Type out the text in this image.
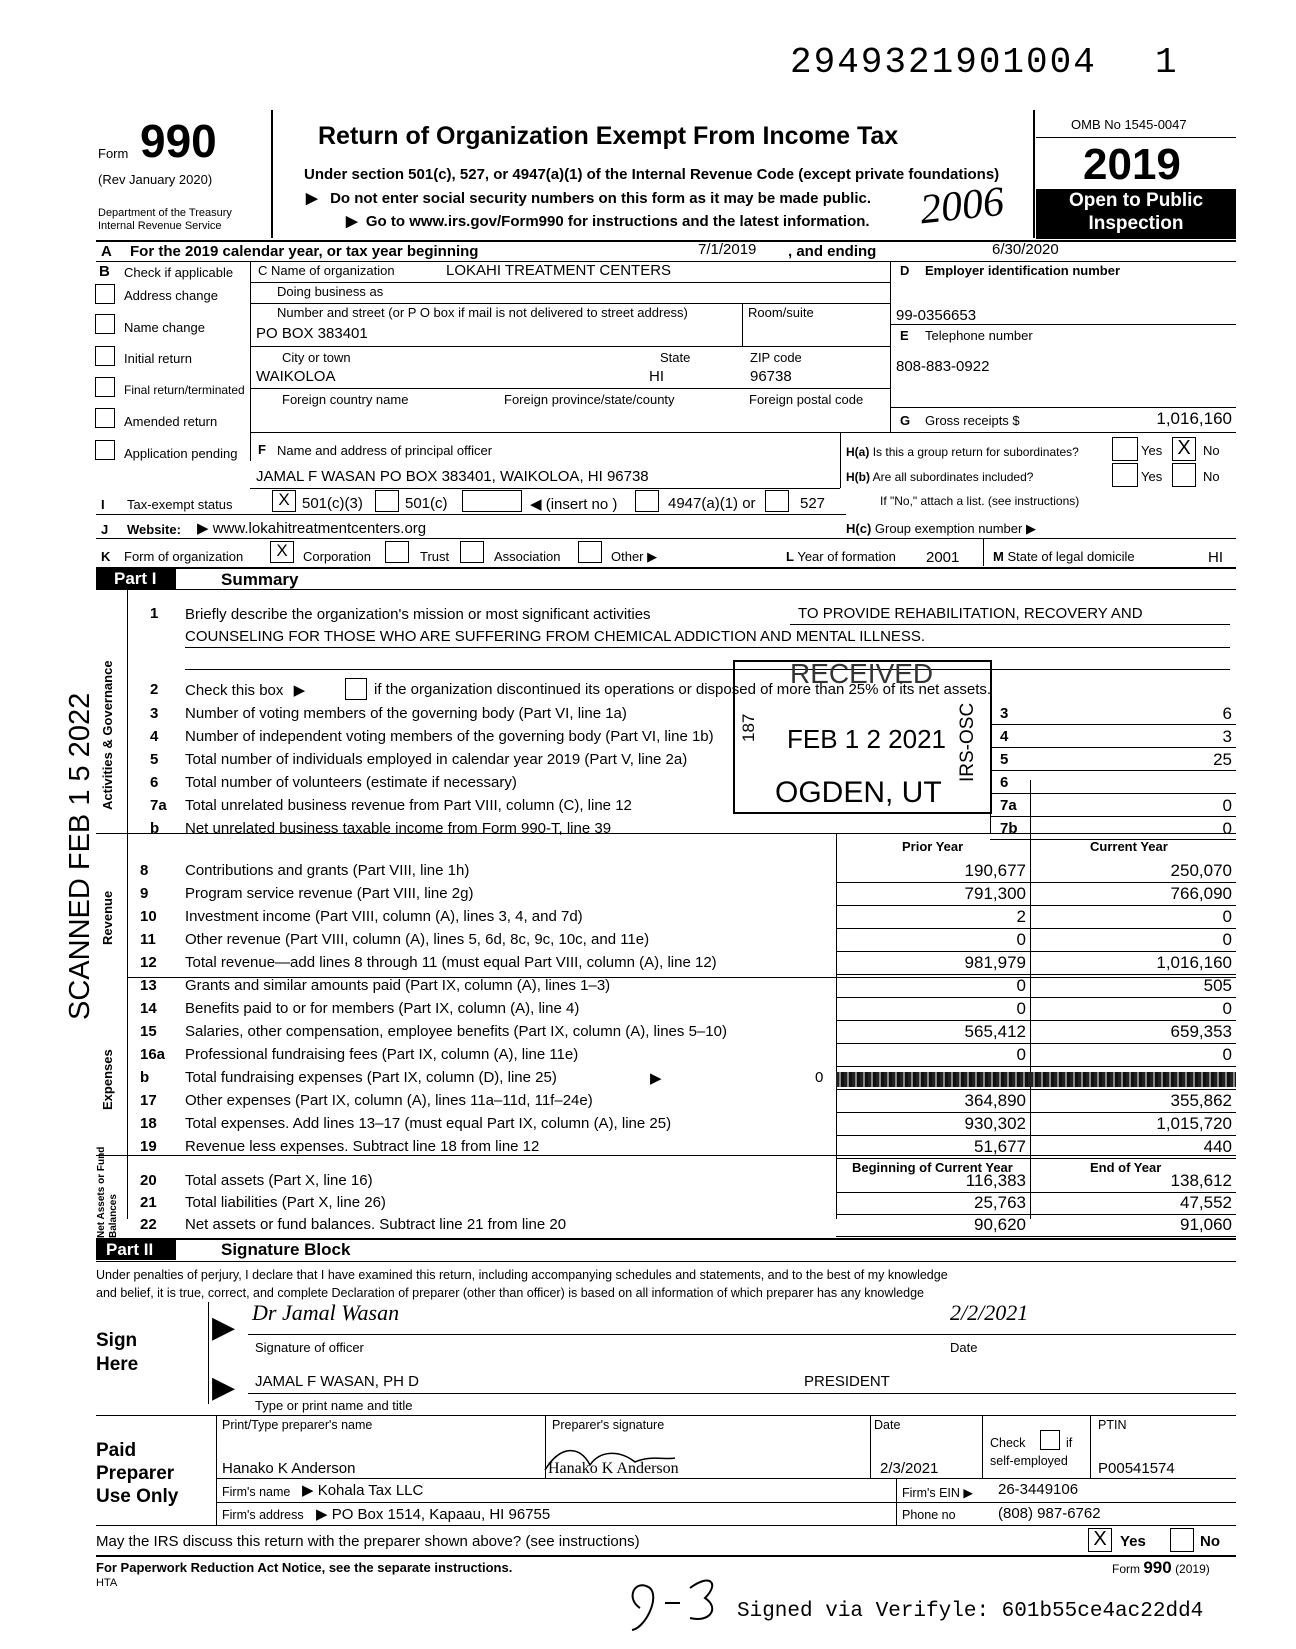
2949321901004 1
Form 990
(Rev January 2020)
Department of the Treasury
Internal Revenue Service
Return of Organization Exempt From Income Tax
Under section 501(c), 527, or 4947(a)(1) of the Internal Revenue Code (except private foundations)
▶ Do not enter social security numbers on this form as it may be made public.
▶ Go to www.irs.gov/Form990 for instructions and the latest information. 2006
OMB No 1545-0047
2019
Open to Public
Inspection
A For the 2019 calendar year, or tax year beginning	7/1/2019 , and ending	6/30/2020
B Check if applicable
Address change
Name change
Initial return
Final return/terminated
Amended return
Application pending
C Name of organization	LOKAHI TREATMENT CENTERS
Doing business as
Number and street (or P O box if mail is not delivered to street address)	Room/suite
PO BOX 383401
City or town	State	ZIP code
WAIKOLOA	HI	96738
Foreign country name	Foreign province/state/county	Foreign postal code
D Employer identification number
99-0356653
E Telephone number
808-883-0922
G Gross receipts $	1,016,160
F Name and address of principal officer
JAMAL F WASAN PO BOX 383401, WAIKOLOA, HI 96738
H(a) Is this a group return for subordinates?	Yes X No
H(b) Are all subordinates included?	Yes	No
If "No," attach a list. (see instructions)
I Tax-exempt status	X 501(c)(3)	501(c)	◀ (insert no )	4947(a)(1) or	527
J Website: ▶ www.lokahitreatmentcenters.org	H(c) Group exemption number ▶
K Form of organization	X	Corporation	Trust	Association	Other ▶	L Year of formation 2001	M State of legal domicile	HI
Part I	Summary
Activities & Governance
Revenue
Expenses
Net Assets or Fund Balances
SCANNED FEB 1 5 2022
1 Briefly describe the organization's mission or most significant activities	TO PROVIDE REHABILITATION, RECOVERY AND
COUNSELING FOR THOSE WHO ARE SUFFERING FROM CHEMICAL ADDICTION AND MENTAL ILLNESS.
2 Check this box ▶	if the organization discontinued its operations or disposed of more than 25% of its net assets.
3 Number of voting members of the governing body (Part VI, line 1a)	3	6
4 Number of independent voting members of the governing body (Part VI, line 1b)	4	3
5 Total number of individuals employed in calendar year 2019 (Part V, line 2a)	5	25
6 Total number of volunteers (estimate if necessary)	6
7a Total unrelated business revenue from Part VIII, column (C), line 12	7a	0
b Net unrelated business taxable income from Form 990-T, line 39	7b	0
Prior Year	Current Year
8 Contributions and grants (Part VIII, line 1h)	190,677	250,070
9 Program service revenue (Part VIII, line 2g)	791,300	766,090
10 Investment income (Part VIII, column (A), lines 3, 4, and 7d)	2	0
11 Other revenue (Part VIII, column (A), lines 5, 6d, 8c, 9c, 10c, and 11e)	0	0
12 Total revenue—add lines 8 through 11 (must equal Part VIII, column (A), line 12)	981,979	1,016,160
13 Grants and similar amounts paid (Part IX, column (A), lines 1–3)	0	505
14 Benefits paid to or for members (Part IX, column (A), line 4)	0	0
15 Salaries, other compensation, employee benefits (Part IX, column (A), lines 5–10)	565,412	659,353
16a Professional fundraising fees (Part IX, column (A), line 11e)	0	0
b Total fundraising expenses (Part IX, column (D), line 25)	0
▶
17 Other expenses (Part IX, column (A), lines 11a–11d, 11f–24e)	364,890	355,862
18 Total expenses. Add lines 13–17 (must equal Part IX, column (A), line 25)	930,302	1,015,720
19 Revenue less expenses. Subtract line 18 from line 12	51,677	440
Beginning of Current Year	End of Year
20 Total assets (Part X, line 16)	116,383	138,612
21 Total liabilities (Part X, line 26)	25,763	47,552
22 Net assets or fund balances. Subtract line 21 from line 20	90,620	91,060
RECEIVED
FEB 1 2 2021
OGDEN, UT
IRS-OSC
187
Part II	Signature Block
Under penalties of perjury, I declare that I have examined this return, including accompanying schedules and statements, and to the best of my knowledge
and belief, it is true, correct, and complete Declaration of preparer (other than officer) is based on all information of which preparer has any knowledge
Sign
Here
▶
▶
Dr Jamal Wasan	2/2/2021
Signature of officer	Date
JAMAL F WASAN, PH D	PRESIDENT
Type or print name and title
Paid
Preparer
Use Only
Print/Type preparer's name	Preparer's signature	Date
Check	if
self-employed
PTIN
Hanako K Anderson	Hanako K Anderson	2/3/2021	P00541574
Firm's name ▶ Kohala Tax LLC	Firm's EIN ▶ 26-3449106
Firm's address ▶ PO Box 1514, Kapaau, HI 96755	Phone no	(808) 987-6762
May the IRS discuss this return with the preparer shown above? (see instructions)	X Yes	No
For Paperwork Reduction Act Notice, see the separate instructions.
HTA
Form 990 (2019)
Signed via Verifyle: 601b55ce4ac22dd4
